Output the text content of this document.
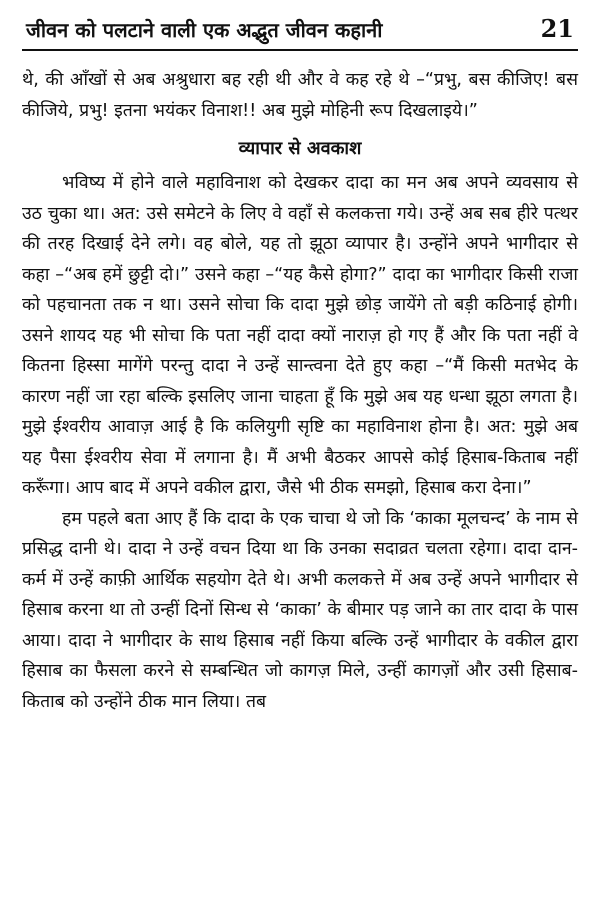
जीवन को पलटाने वाली एक अद्भुत जीवन कहानी	21

थे, की आँखों से अब अश्रुधारा बह रही थी और वे कह रहे थे –“प्रभु, बस कीजिए! बस कीजिये, प्रभु! इतना भयंकर विनाश!! अब मुझे मोहिनी रूप दिखलाइये।”

व्यापार से अवकाश

भविष्य में होने वाले महाविनाश को देखकर दादा का मन अब अपने व्यवसाय से उठ चुका था। अत: उसे समेटने के लिए वे वहाँ से कलकत्ता गये। उन्हें अब सब हीरे पत्थर की तरह दिखाई देने लगे। वह बोले, यह तो झूठा व्यापार है। उन्होंने अपने भागीदार से कहा –“अब हमें छुट्टी दो।” उसने कहा –“यह कैसे होगा?” दादा का भागीदार किसी राजा को पहचानता तक न था। उसने सोचा कि दादा मुझे छोड़ जायेंगे तो बड़ी कठिनाई होगी। उसने शायद यह भी सोचा कि पता नहीं दादा क्यों नाराज़ हो गए हैं और कि पता नहीं वे कितना हिस्सा मागेंगे परन्तु दादा ने उन्हें सान्त्वना देते हुए कहा –“मैं किसी मतभेद के कारण नहीं जा रहा बल्कि इसलिए जाना चाहता हूँ कि मुझे अब यह धन्धा झूठा लगता है। मुझे ईश्वरीय आवाज़ आई है कि कलियुगी सृष्टि का महाविनाश होना है। अत: मुझे अब यह पैसा ईश्वरीय सेवा में लगाना है। मैं अभी बैठकर आपसे कोई हिसाब-किताब नहीं करूँगा। आप बाद में अपने वकील द्वारा, जैसे भी ठीक समझो, हिसाब करा देना।”

हम पहले बता आए हैं कि दादा के एक चाचा थे जो कि ‘काका मूलचन्द’ के नाम से प्रसिद्ध दानी थे। दादा ने उन्हें वचन दिया था कि उनका सदाव्रत चलता रहेगा। दादा दान-कर्म में उन्हें काफ़ी आर्थिक सहयोग देते थे। अभी कलकत्ते में अब उन्हें अपने भागीदार से हिसाब करना था तो उन्हीं दिनों सिन्ध से ‘काका’ के बीमार पड़ जाने का तार दादा के पास आया। दादा ने भागीदार के साथ हिसाब नहीं किया बल्कि उन्हें भागीदार के वकील द्वारा हिसाब का फैसला करने से सम्बन्धित जो कागज़ मिले, उन्हीं कागज़ों और उसी हिसाब-किताब को उन्होंने ठीक मान लिया। तब
